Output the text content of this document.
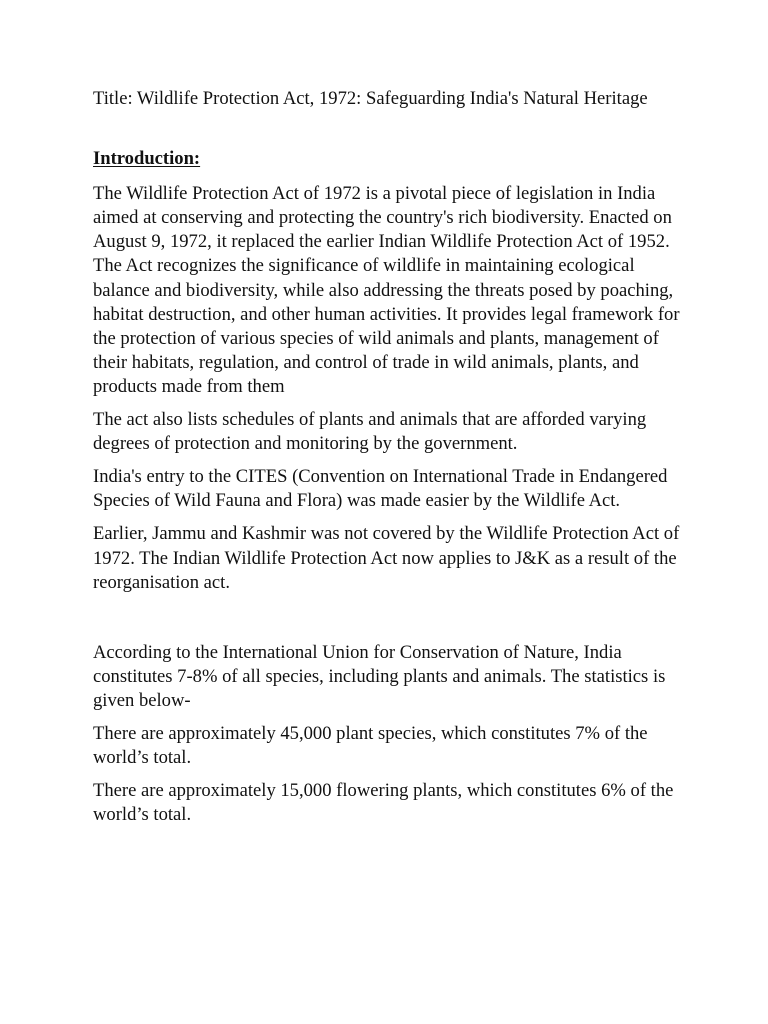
Title: Wildlife Protection Act, 1972: Safeguarding India's Natural Heritage

Introduction:

The Wildlife Protection Act of 1972 is a pivotal piece of legislation in India aimed at conserving and protecting the country's rich biodiversity. Enacted on August 9, 1972, it replaced the earlier Indian Wildlife Protection Act of 1952. The Act recognizes the significance of wildlife in maintaining ecological balance and biodiversity, while also addressing the threats posed by poaching, habitat destruction, and other human activities. It provides legal framework for the protection of various species of wild animals and plants, management of their habitats, regulation, and control of trade in wild animals, plants, and products made from them

The act also lists schedules of plants and animals that are afforded varying degrees of protection and monitoring by the government.

India's entry to the CITES (Convention on International Trade in Endangered Species of Wild Fauna and Flora) was made easier by the Wildlife Act.

Earlier, Jammu and Kashmir was not covered by the Wildlife Protection Act of 1972. The Indian Wildlife Protection Act now applies to J&K as a result of the reorganisation act.

According to the International Union for Conservation of Nature, India constitutes 7-8% of all species, including plants and animals. The statistics is given below-

There are approximately 45,000 plant species, which constitutes 7% of the world’s total.

There are approximately 15,000 flowering plants, which constitutes 6% of the world’s total.
